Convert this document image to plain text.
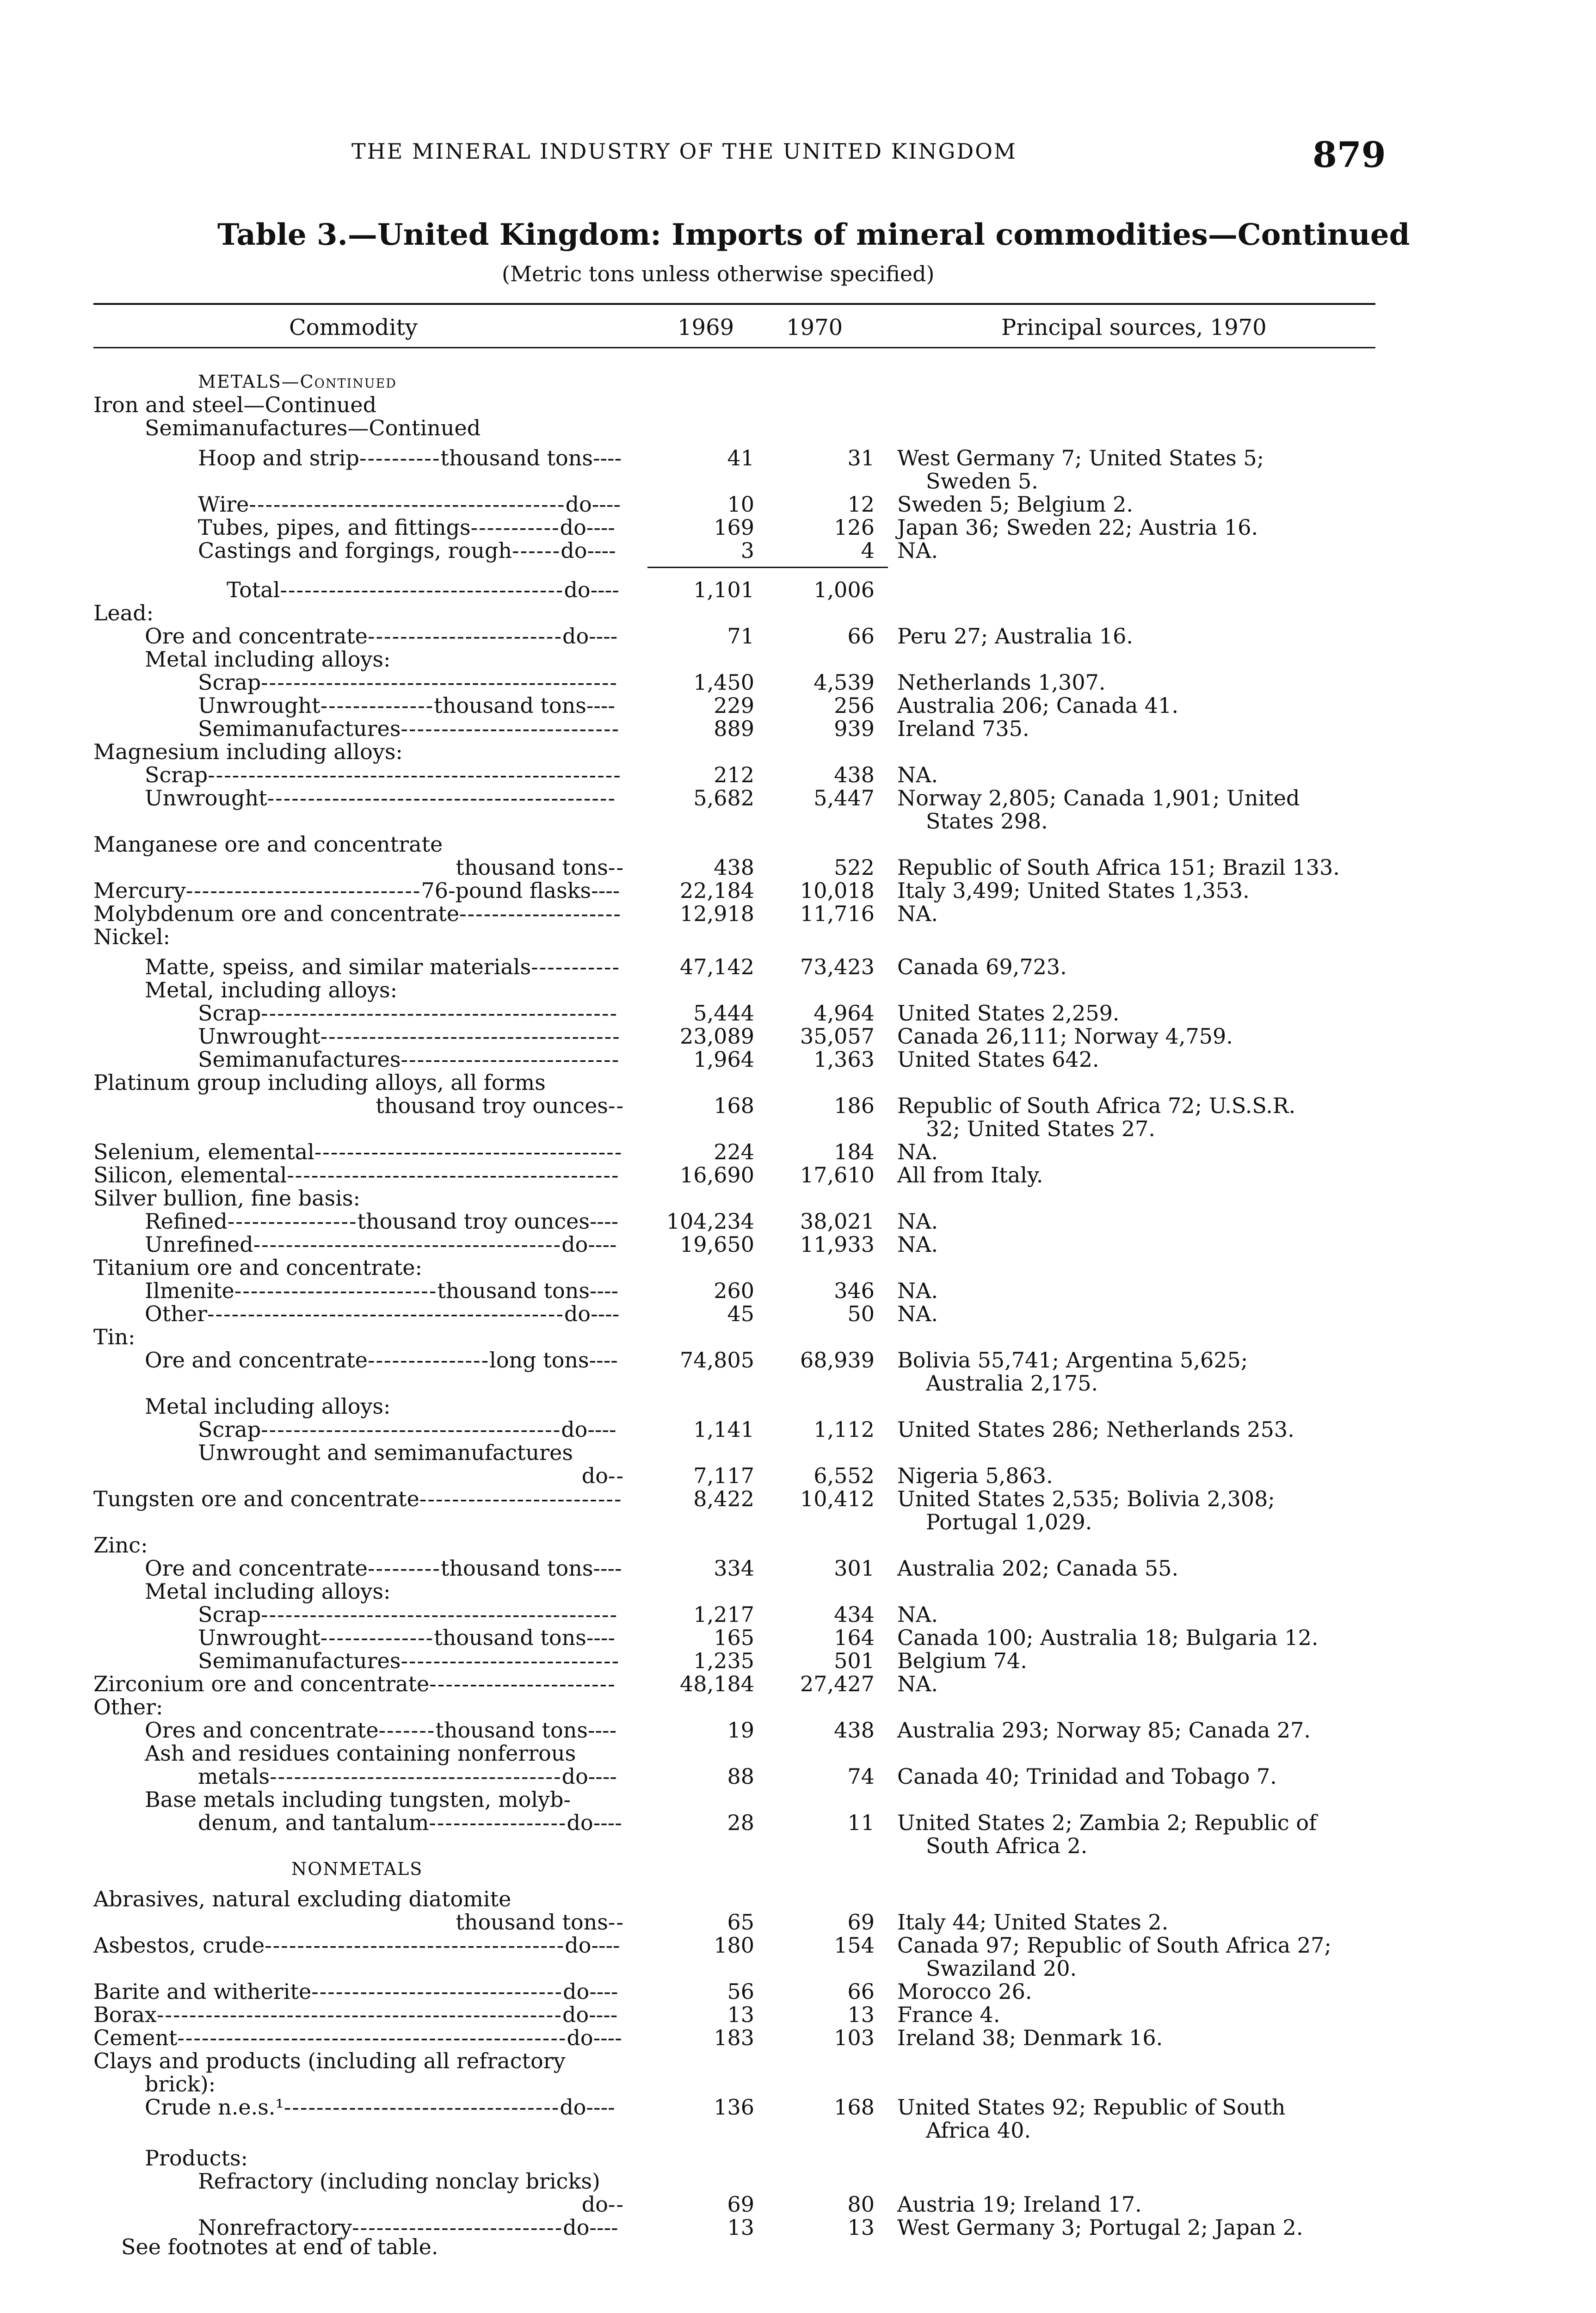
THE MINERAL INDUSTRY OF THE UNITED KINGDOM	879
Table 3.—United Kingdom: Imports of mineral commodities—Continued
(Metric tons unless otherwise specified)
Commodity	1969 1970	Principal sources, 1970
METALS—Continued
Iron and steel—Continued
Semimanufactures—Continued
Hoop and strip----------thousand tons----	41	31 West Germany 7; United States 5;
Sweden 5.
Wire---------------------------------------do----	10	12 Sweden 5; Belgium 2.
Tubes, pipes, and fittings-----------do----	169	126 Japan 36; Sweden 22; Austria 16.
Castings and forgings, rough------do----	3	4 NA.
Total-----------------------------------do----	1,101	1,006
Lead:
Ore and concentrate------------------------do----	71	66 Peru 27; Australia 16.
Metal including alloys:
Scrap--------------------------------------------	1,450	4,539 Netherlands 1,307.
Unwrought--------------thousand tons----	229	256 Australia 206; Canada 41.
Semimanufactures---------------------------	889	939 Ireland 735.
Magnesium including alloys:
Scrap---------------------------------------------------	212	438 NA.
Unwrought-------------------------------------------	5,682	5,447 Norway 2,805; Canada 1,901; United
States 298.
Manganese ore and concentrate
thousand tons--	438	522 Republic of South Africa 151; Brazil 133.
Mercury-----------------------------76-pound flasks----	22,184 10,018 Italy 3,499; United States 1,353.
Molybdenum ore and concentrate--------------------	12,918 11,716 NA.
Nickel:
Matte, speiss, and similar materials-----------	47,142 73,423 Canada 69,723.
Metal, including alloys:
Scrap--------------------------------------------	5,444	4,964 United States 2,259.
Unwrought-------------------------------------	23,089 35,057 Canada 26,111; Norway 4,759.
Semimanufactures---------------------------	1,964	1,363 United States 642.
Platinum group including alloys, all forms
thousand troy ounces--	168	186 Republic of South Africa 72; U.S.S.R.
32; United States 27.
Selenium, elemental--------------------------------------	224	184 NA.
Silicon, elemental-----------------------------------------	16,690 17,610 All from Italy.
Silver bullion, fine basis:
Refined----------------thousand troy ounces---- 104,234 38,021 NA.
Unrefined--------------------------------------do----	19,650 11,933 NA.
Titanium ore and concentrate:
Ilmenite-------------------------thousand tons----	260	346 NA.
Other--------------------------------------------do----	45	50 NA.
Tin:
Ore and concentrate---------------long tons----	74,805 68,939 Bolivia 55,741; Argentina 5,625;
Australia 2,175.
Metal including alloys:
Scrap-------------------------------------do----	1,141	1,112 United States 286; Netherlands 253.
Unwrought and semimanufactures
do--	7,117	6,552 Nigeria 5,863.
Tungsten ore and concentrate-------------------------	8,422 10,412 United States 2,535; Bolivia 2,308;
Portugal 1,029.
Zinc:
Ore and concentrate---------thousand tons----	334	301 Australia 202; Canada 55.
Metal including alloys:
Scrap--------------------------------------------	1,217	434 NA.
Unwrought--------------thousand tons----	165	164 Canada 100; Australia 18; Bulgaria 12.
Semimanufactures---------------------------	1,235	501 Belgium 74.
Zirconium ore and concentrate-----------------------	48,184 27,427 NA.
Other:
Ores and concentrate-------thousand tons----	19	438 Australia 293; Norway 85; Canada 27.
Ash and residues containing nonferrous
metals------------------------------------do----	88	74 Canada 40; Trinidad and Tobago 7.
Base metals including tungsten, molyb-
denum, and tantalum-----------------do----	28	11 United States 2; Zambia 2; Republic of
South Africa 2.
NONMETALS
Abrasives, natural excluding diatomite
thousand tons--	65	69 Italy 44; United States 2.
Asbestos, crude-------------------------------------do----	180	154 Canada 97; Republic of South Africa 27;
Swaziland 20.
Barite and witherite-------------------------------do----	56	66 Morocco 26.
Borax--------------------------------------------------do----	13	13 France 4.
Cement------------------------------------------------do----	183	103 Ireland 38; Denmark 16.
Clays and products (including all refractory
brick):
Crude n.e.s.¹----------------------------------do----	136	168 United States 92; Republic of South
Africa 40.
Products:
Refractory (including nonclay bricks)
do--	69	80 Austria 19; Ireland 17.
Nonrefractory--------------------------do----	13	13 West Germany 3; Portugal 2; Japan 2.
See footnotes at end of table.
